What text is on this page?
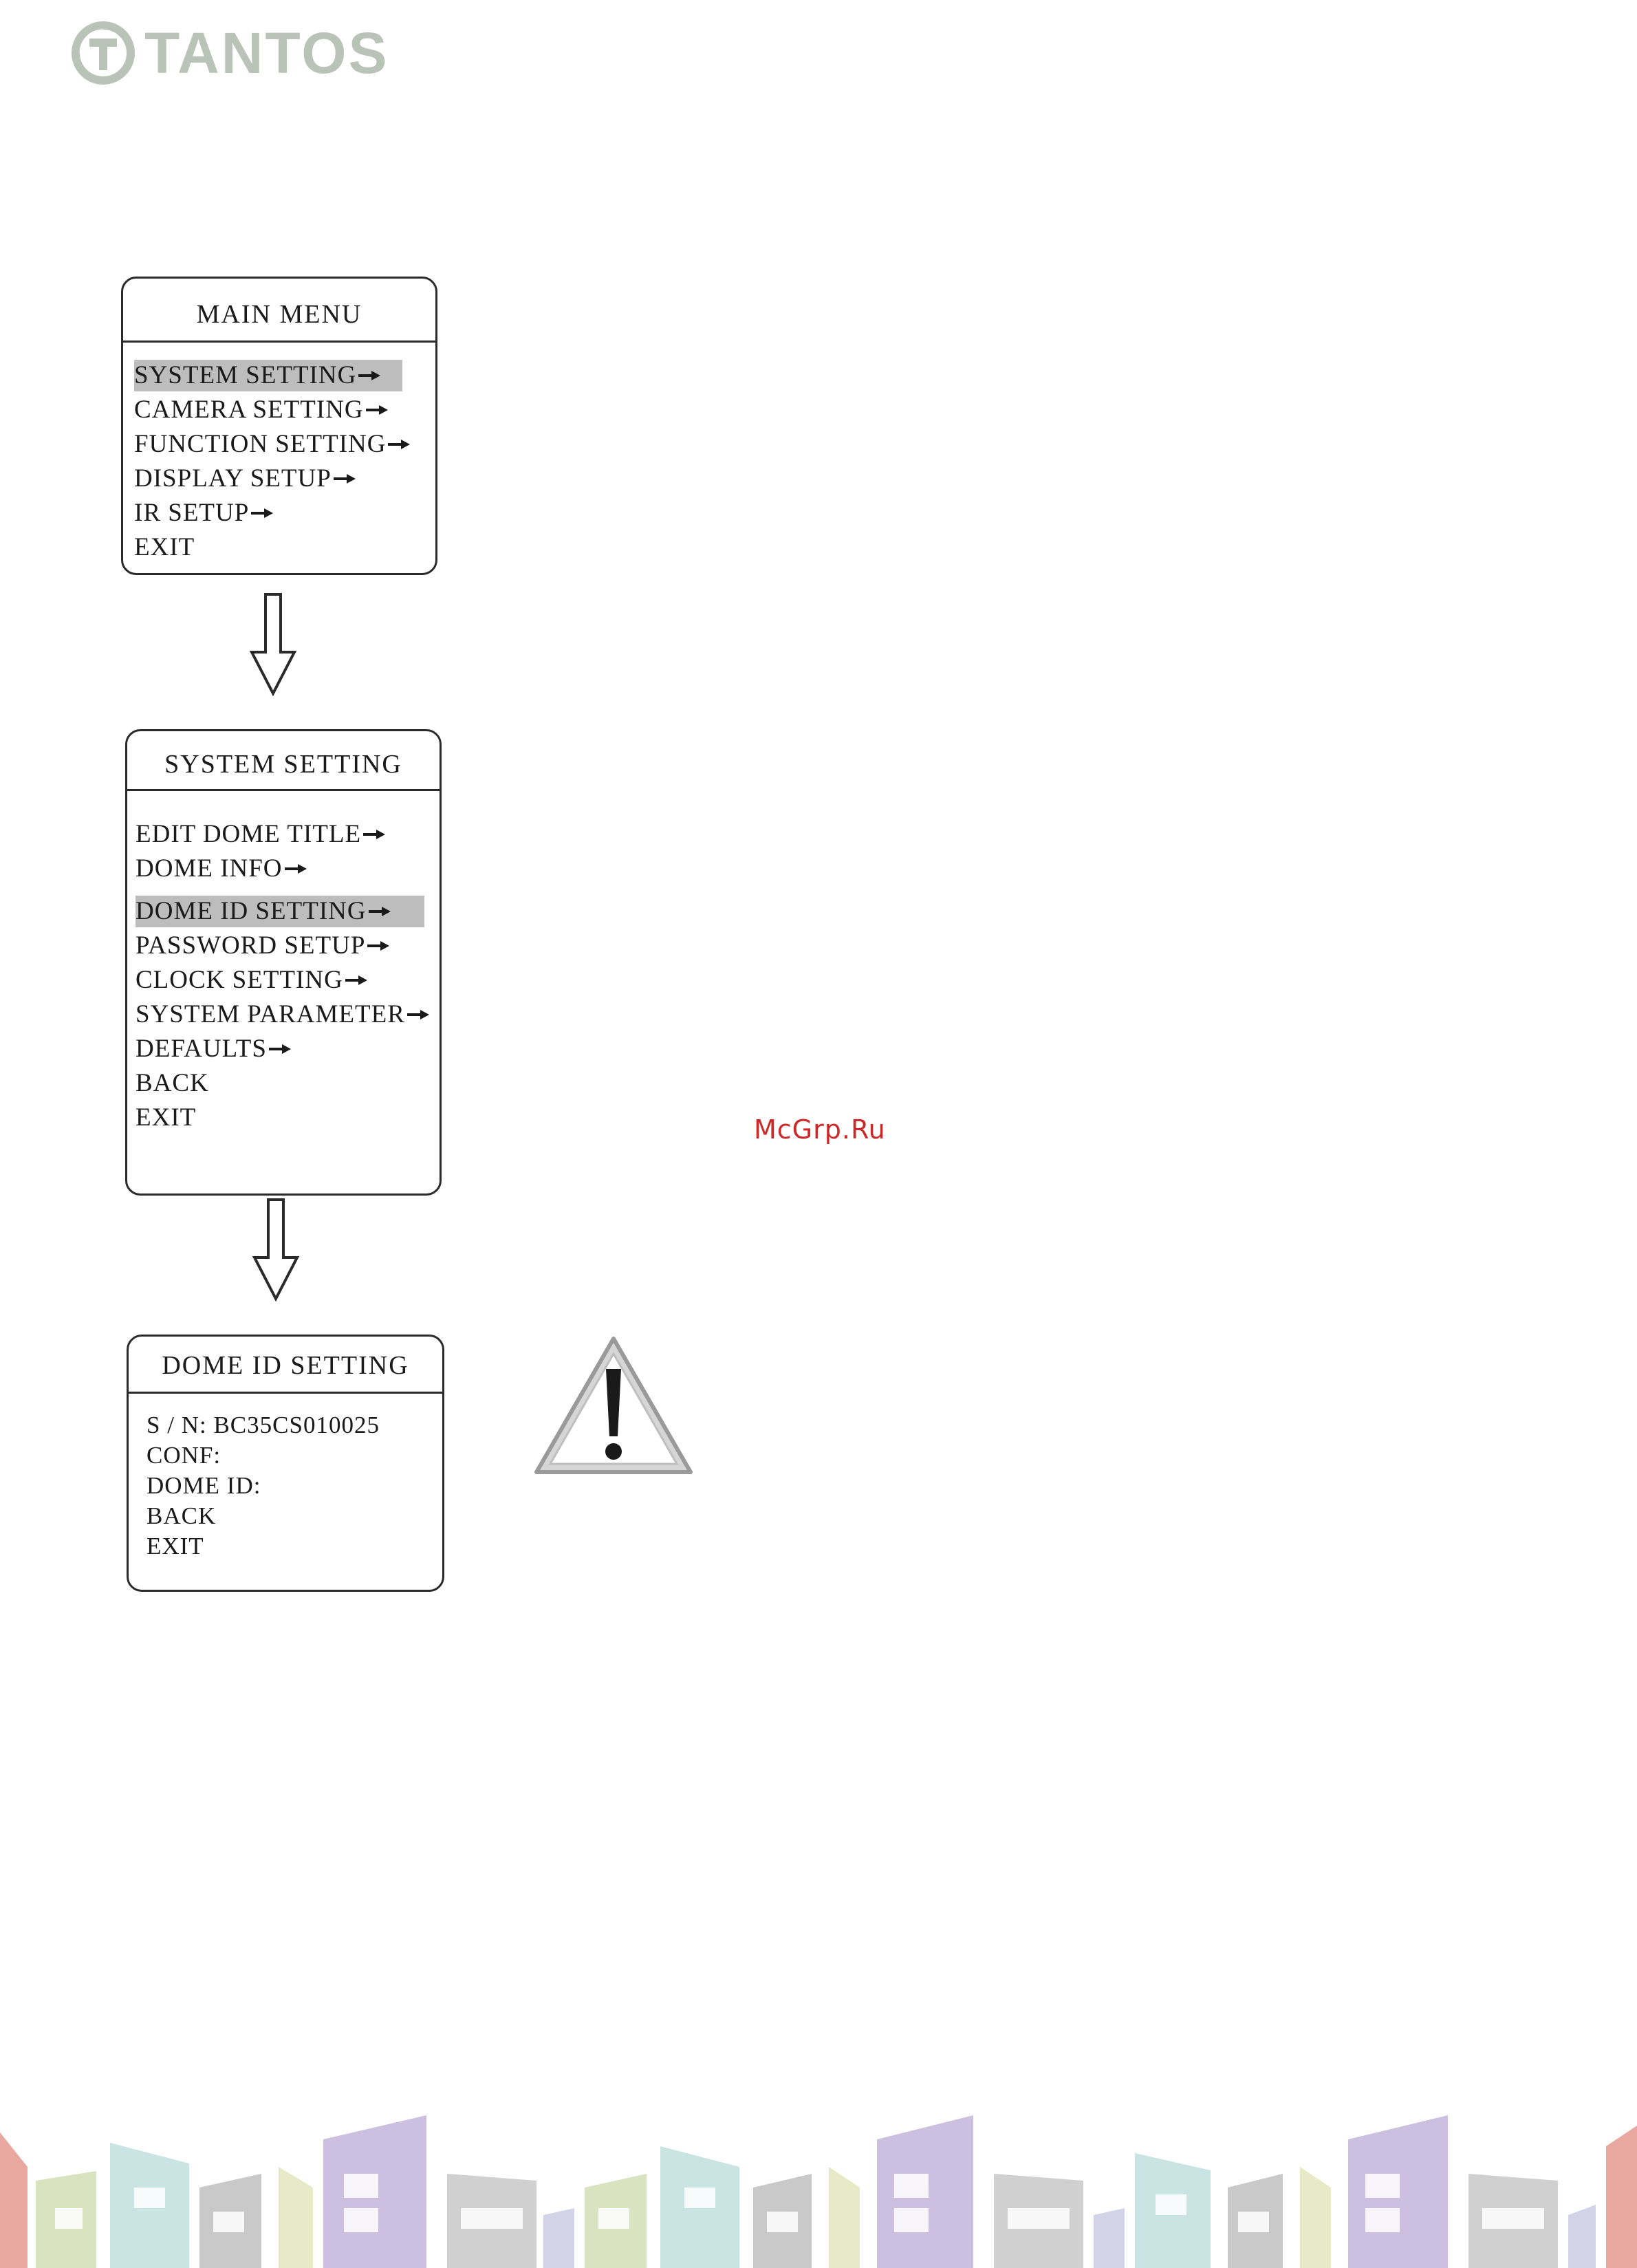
TANTOS
MAIN MENU
SYSTEM SETTING
CAMERA SETTING
FUNCTION SETTING
DISPLAY SETUP
IR SETUP
EXIT
SYSTEM SETTING
EDIT DOME TITLE
DOME INFO
DOME ID SETTING
PASSWORD SETUP
CLOCK SETTING
SYSTEM PARAMETER
DEFAULTS
BACK
EXIT
DOME ID SETTING
S / N: BC35CS010025
CONF:
DOME ID:
BACK
EXIT
McGrp.Ru
